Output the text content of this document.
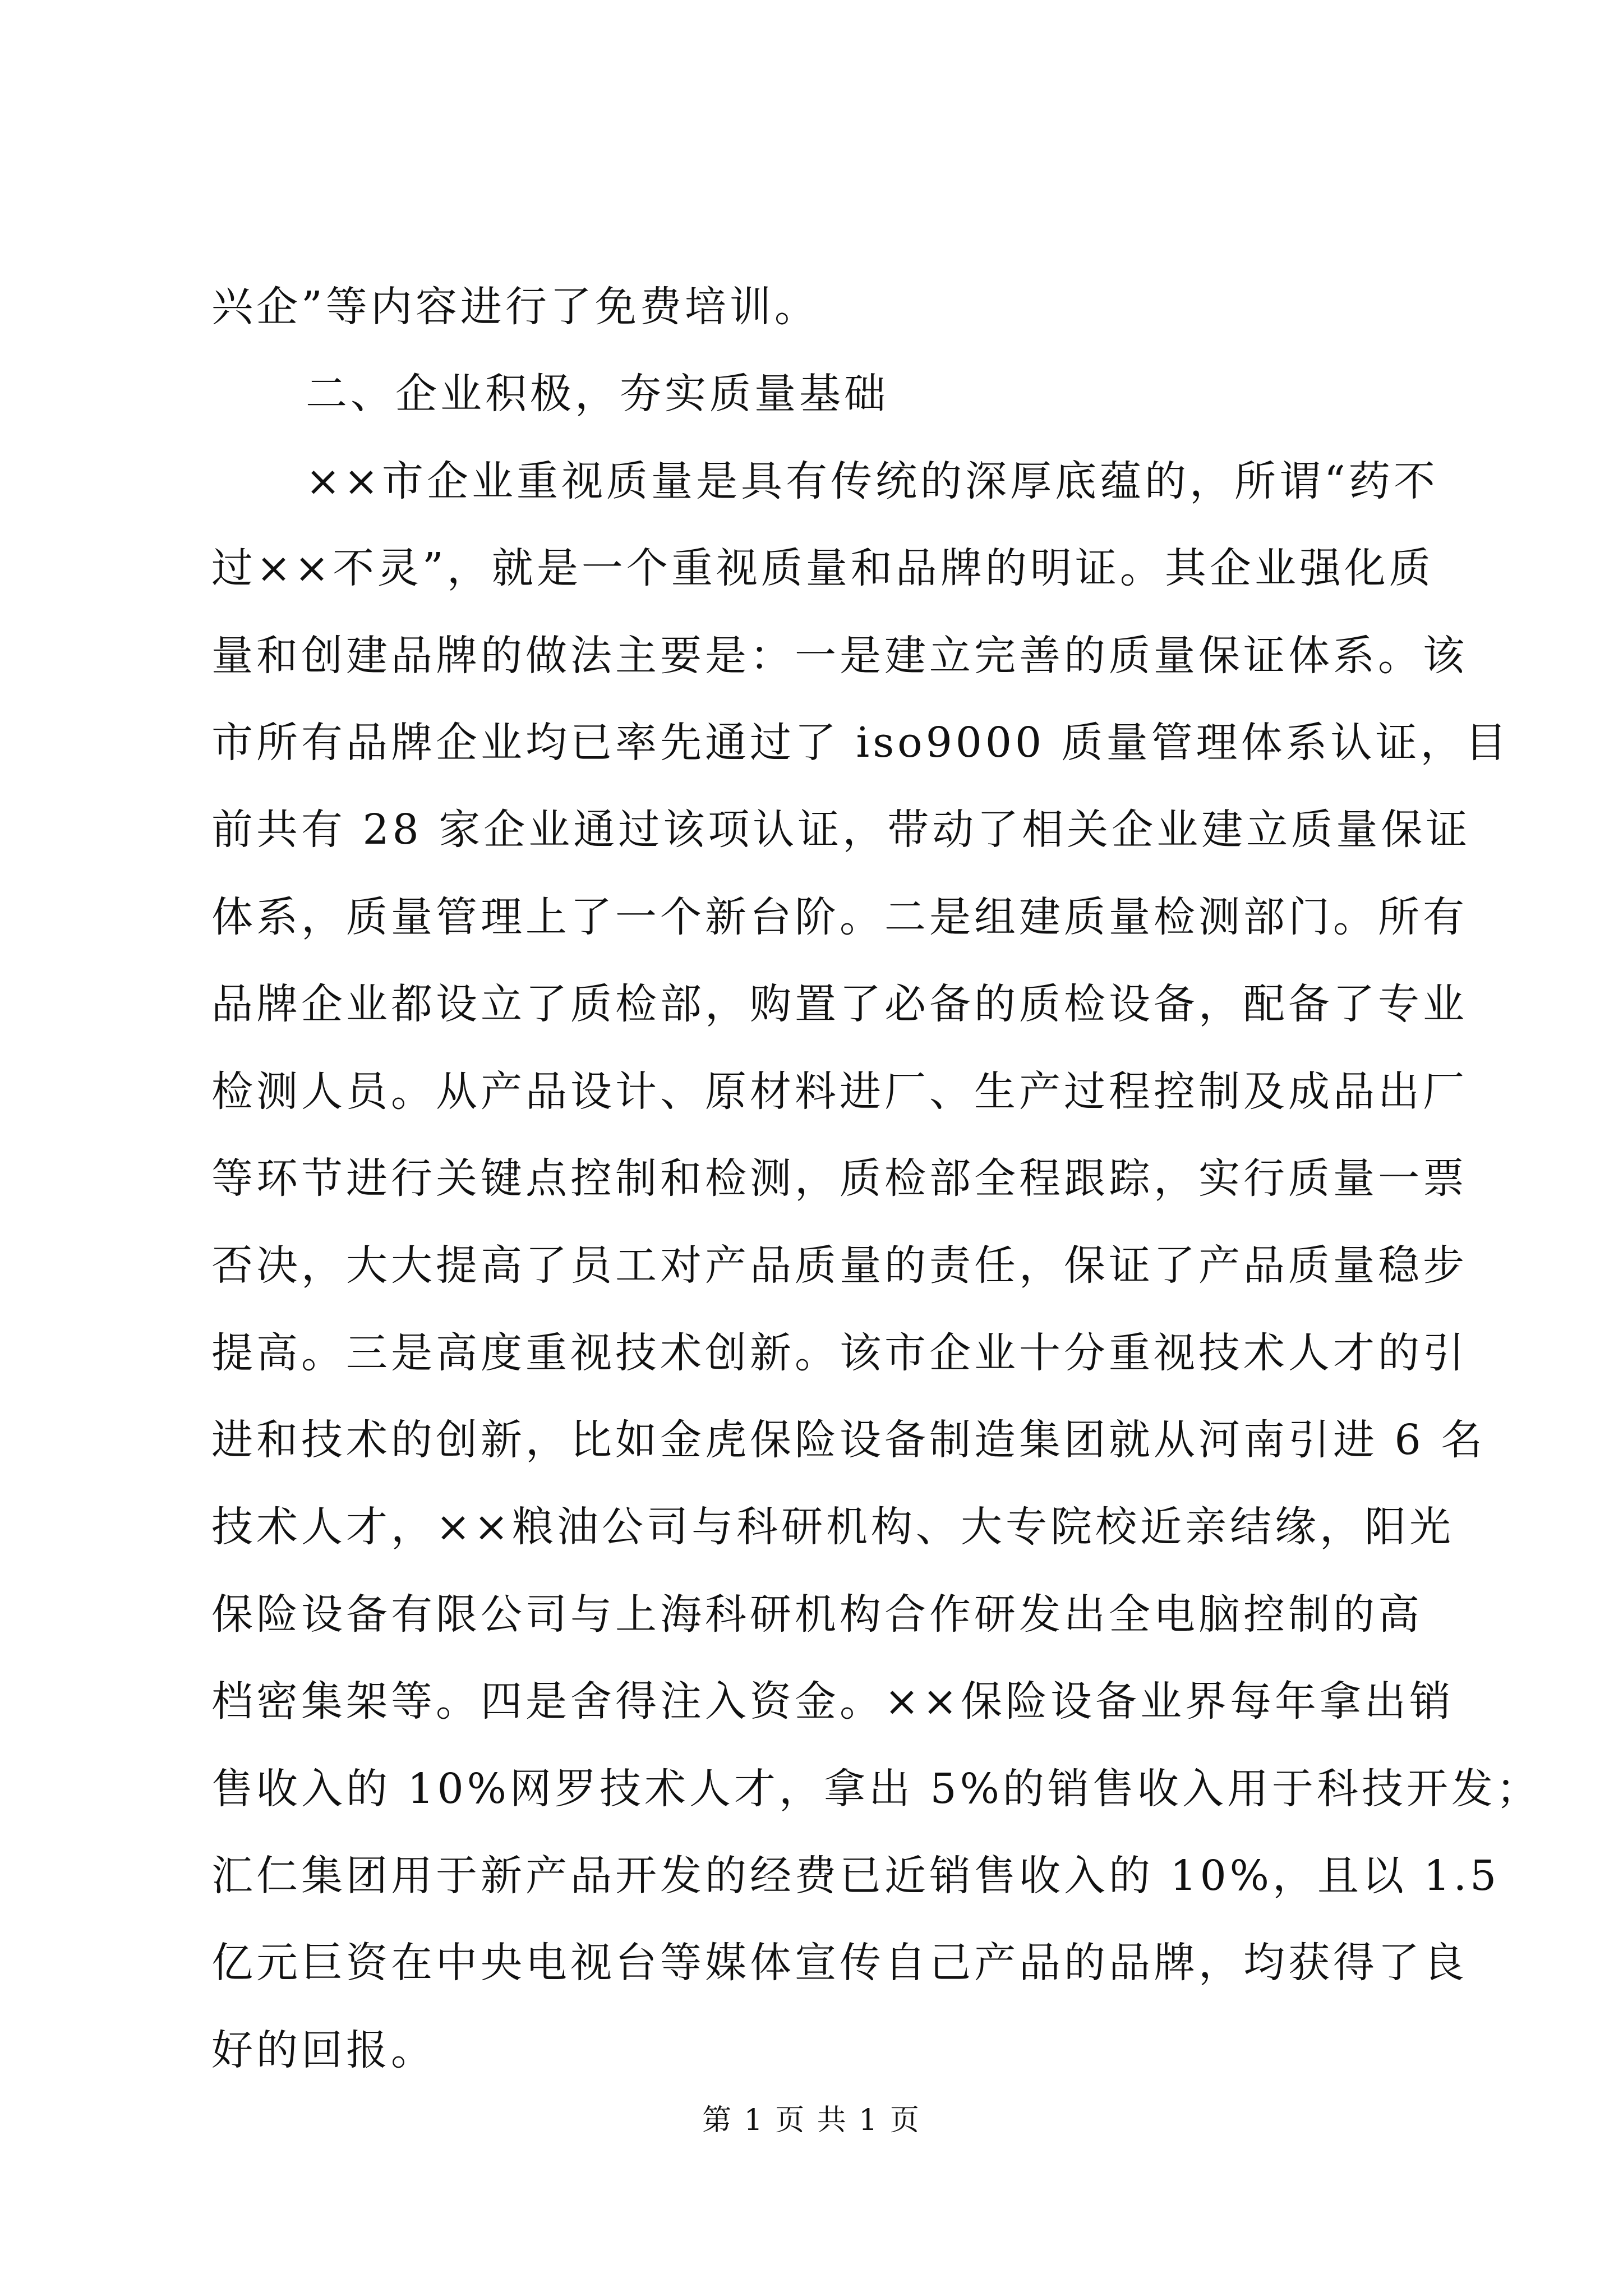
兴企”等内容进行了免费培训。
二、企业积极，夯实质量基础
××市企业重视质量是具有传统的深厚底蕴的，所谓“药不
过××不灵”，就是一个重视质量和品牌的明证。其企业强化质
量和创建品牌的做法主要是：一是建立完善的质量保证体系。该
市所有品牌企业均已率先通过了 iso9000 质量管理体系认证，目
前共有 28 家企业通过该项认证，带动了相关企业建立质量保证
体系，质量管理上了一个新台阶。二是组建质量检测部门。所有
品牌企业都设立了质检部，购置了必备的质检设备，配备了专业
检测人员。从产品设计、原材料进厂、生产过程控制及成品出厂
等环节进行关键点控制和检测，质检部全程跟踪，实行质量一票
否决，大大提高了员工对产品质量的责任，保证了产品质量稳步
提高。三是高度重视技术创新。该市企业十分重视技术人才的引
进和技术的创新，比如金虎保险设备制造集团就从河南引进 6 名
技术人才，××粮油公司与科研机构、大专院校近亲结缘，阳光
保险设备有限公司与上海科研机构合作研发出全电脑控制的高
档密集架等。四是舍得注入资金。××保险设备业界每年拿出销
售收入的 10%网罗技术人才，拿出 5%的销售收入用于科技开发；
汇仁集团用于新产品开发的经费已近销售收入的 10%，且以 1.5
亿元巨资在中央电视台等媒体宣传自己产品的品牌，均获得了良
好的回报。
第 1 页 共 1 页
